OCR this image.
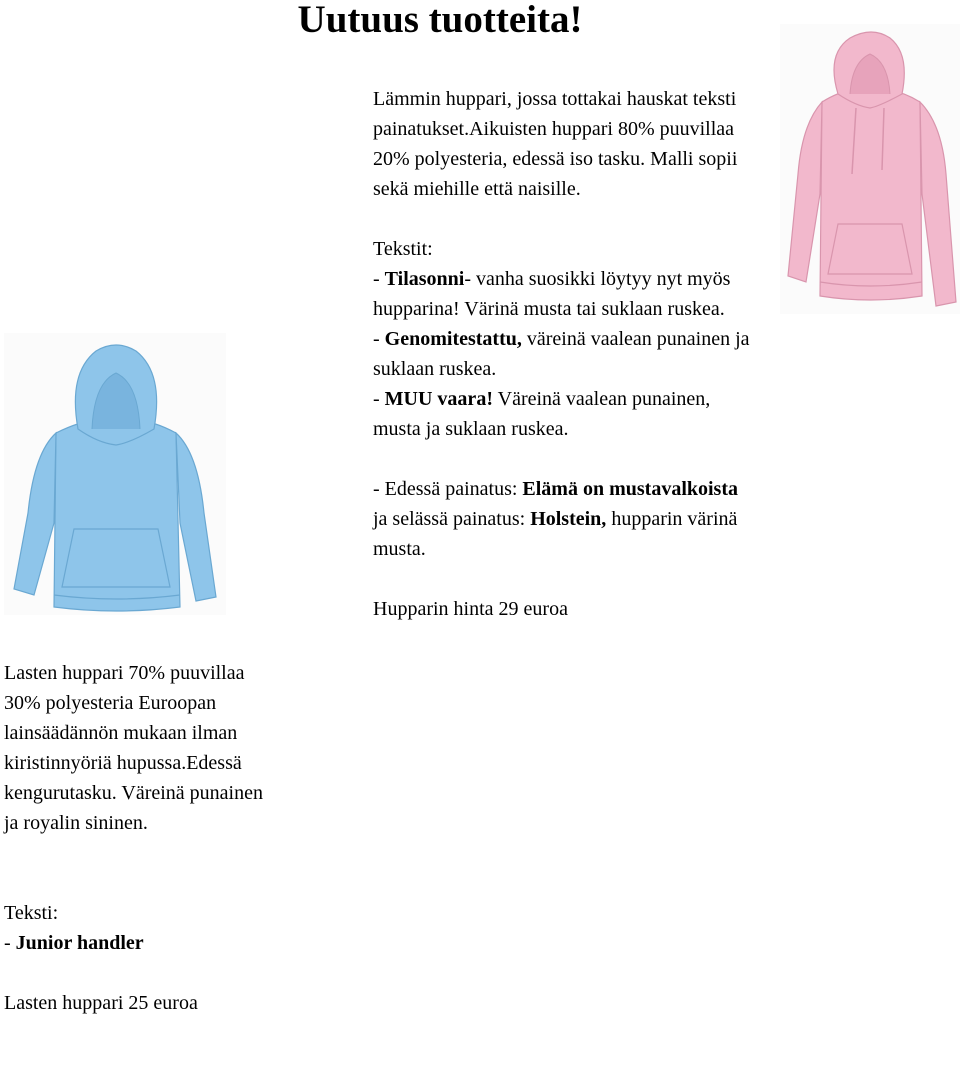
Uutuus tuotteita!

Lämmin huppari, jossa tottakai hauskat teksti painatukset.Aikuisten huppari 80% puuvillaa 20% polyesteria, edessä iso tasku. Malli sopii sekä miehille että naisille.

Tekstit:

- Tilasonni- vanha suosikki löytyy nyt myös hupparina! Värinä musta tai suklaan ruskea.

- Genomitestattu, väreinä vaalean punainen ja suklaan ruskea.

- MUU vaara! Väreinä vaalean punainen, musta ja suklaan ruskea.

- Edessä painatus: Elämä on mustavalkoista ja selässä painatus: Holstein, hupparin värinä musta.

Hupparin hinta 29 euroa

Lasten huppari 70% puuvillaa 30% polyesteria Euroopan lainsäädännön mukaan ilman kiristinnyöriä hupussa.Edessä kengurutasku. Väreinä punainen ja royalin sininen.

Teksti:

- Junior handler

Lasten huppari 25 euroa
